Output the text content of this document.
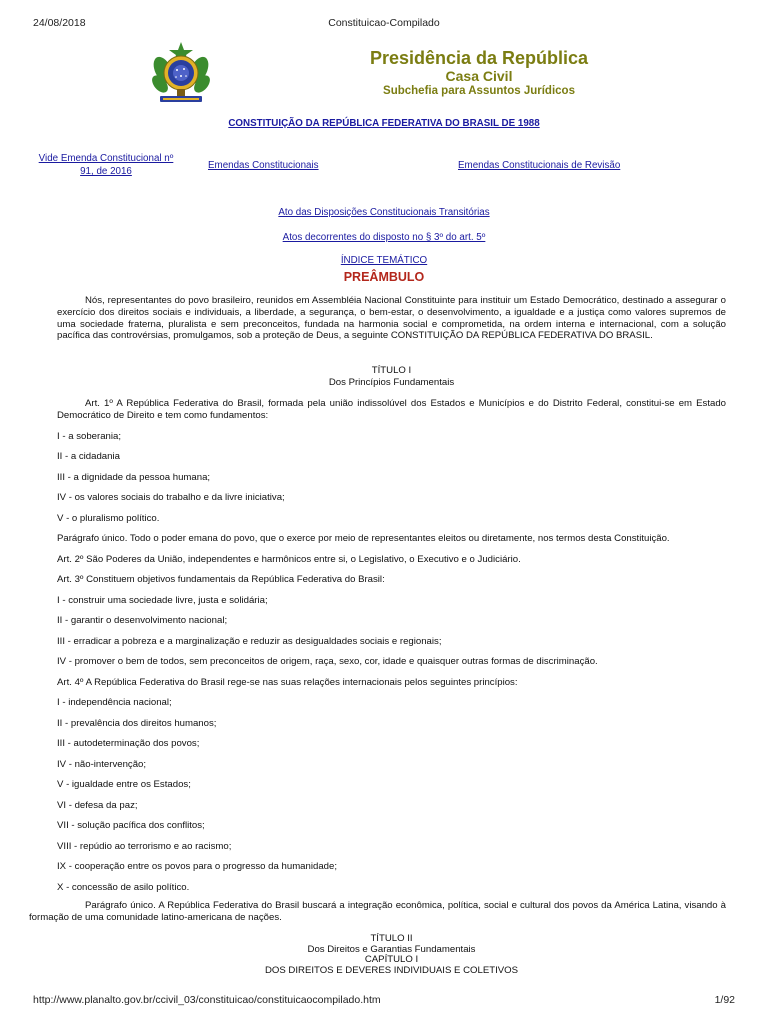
24/08/2018	Constituicao-Compilado
Presidência da República
Casa Civil
Subchefia para Assuntos Jurídicos
CONSTITUIÇÃO DA REPÚBLICA FEDERATIVA DO BRASIL DE 1988
Vide Emenda Constitucional nº 91, de 2016
Emendas Constitucionais	Emendas Constitucionais de Revisão
Ato das Disposições Constitucionais Transitórias
Atos decorrentes do disposto no § 3º do art. 5º
ÍNDICE TEMÁTICO
PREÂMBULO

Nós, representantes do povo brasileiro, reunidos em Assembléia Nacional Constituinte para instituir um Estado Democrático, destinado a assegurar o exercício dos direitos sociais e individuais, a liberdade, a segurança, o bem-estar, o desenvolvimento, a igualdade e a justiça como valores supremos de uma sociedade fraterna, pluralista e sem preconceitos, fundada na harmonia social e comprometida, na ordem interna e internacional, com a solução pacífica das controvérsias, promulgamos, sob a proteção de Deus, a seguinte CONSTITUIÇÃO DA REPÚBLICA FEDERATIVA DO BRASIL.

TÍTULO I
Dos Princípios Fundamentais

Art. 1º A República Federativa do Brasil, formada pela união indissolúvel dos Estados e Municípios e do Distrito Federal, constitui-se em Estado Democrático de Direito e tem como fundamentos:

I - a soberania;
II - a cidadania
III - a dignidade da pessoa humana;
IV - os valores sociais do trabalho e da livre iniciativa;
V - o pluralismo político.
Parágrafo único. Todo o poder emana do povo, que o exerce por meio de representantes eleitos ou diretamente, nos termos desta Constituição.
Art. 2º São Poderes da União, independentes e harmônicos entre si, o Legislativo, o Executivo e o Judiciário.
Art. 3º Constituem objetivos fundamentais da República Federativa do Brasil:
I - construir uma sociedade livre, justa e solidária;
II - garantir o desenvolvimento nacional;
III - erradicar a pobreza e a marginalização e reduzir as desigualdades sociais e regionais;
IV - promover o bem de todos, sem preconceitos de origem, raça, sexo, cor, idade e quaisquer outras formas de discriminação.
Art. 4º A República Federativa do Brasil rege-se nas suas relações internacionais pelos seguintes princípios:
I - independência nacional;
II - prevalência dos direitos humanos;
III - autodeterminação dos povos;
IV - não-intervenção;
V - igualdade entre os Estados;
VI - defesa da paz;
VII - solução pacífica dos conflitos;
VIII - repúdio ao terrorismo e ao racismo;
IX - cooperação entre os povos para o progresso da humanidade;
X - concessão de asilo político.

Parágrafo único. A República Federativa do Brasil buscará a integração econômica, política, social e cultural dos povos da América Latina, visando à formação de uma comunidade latino-americana de nações.

TÍTULO II
Dos Direitos e Garantias Fundamentais
CAPÍTULO I
DOS DIREITOS E DEVERES INDIVIDUAIS E COLETIVOS
http://www.planalto.gov.br/ccivil_03/constituicao/constituicaocompilado.htm	1/92
